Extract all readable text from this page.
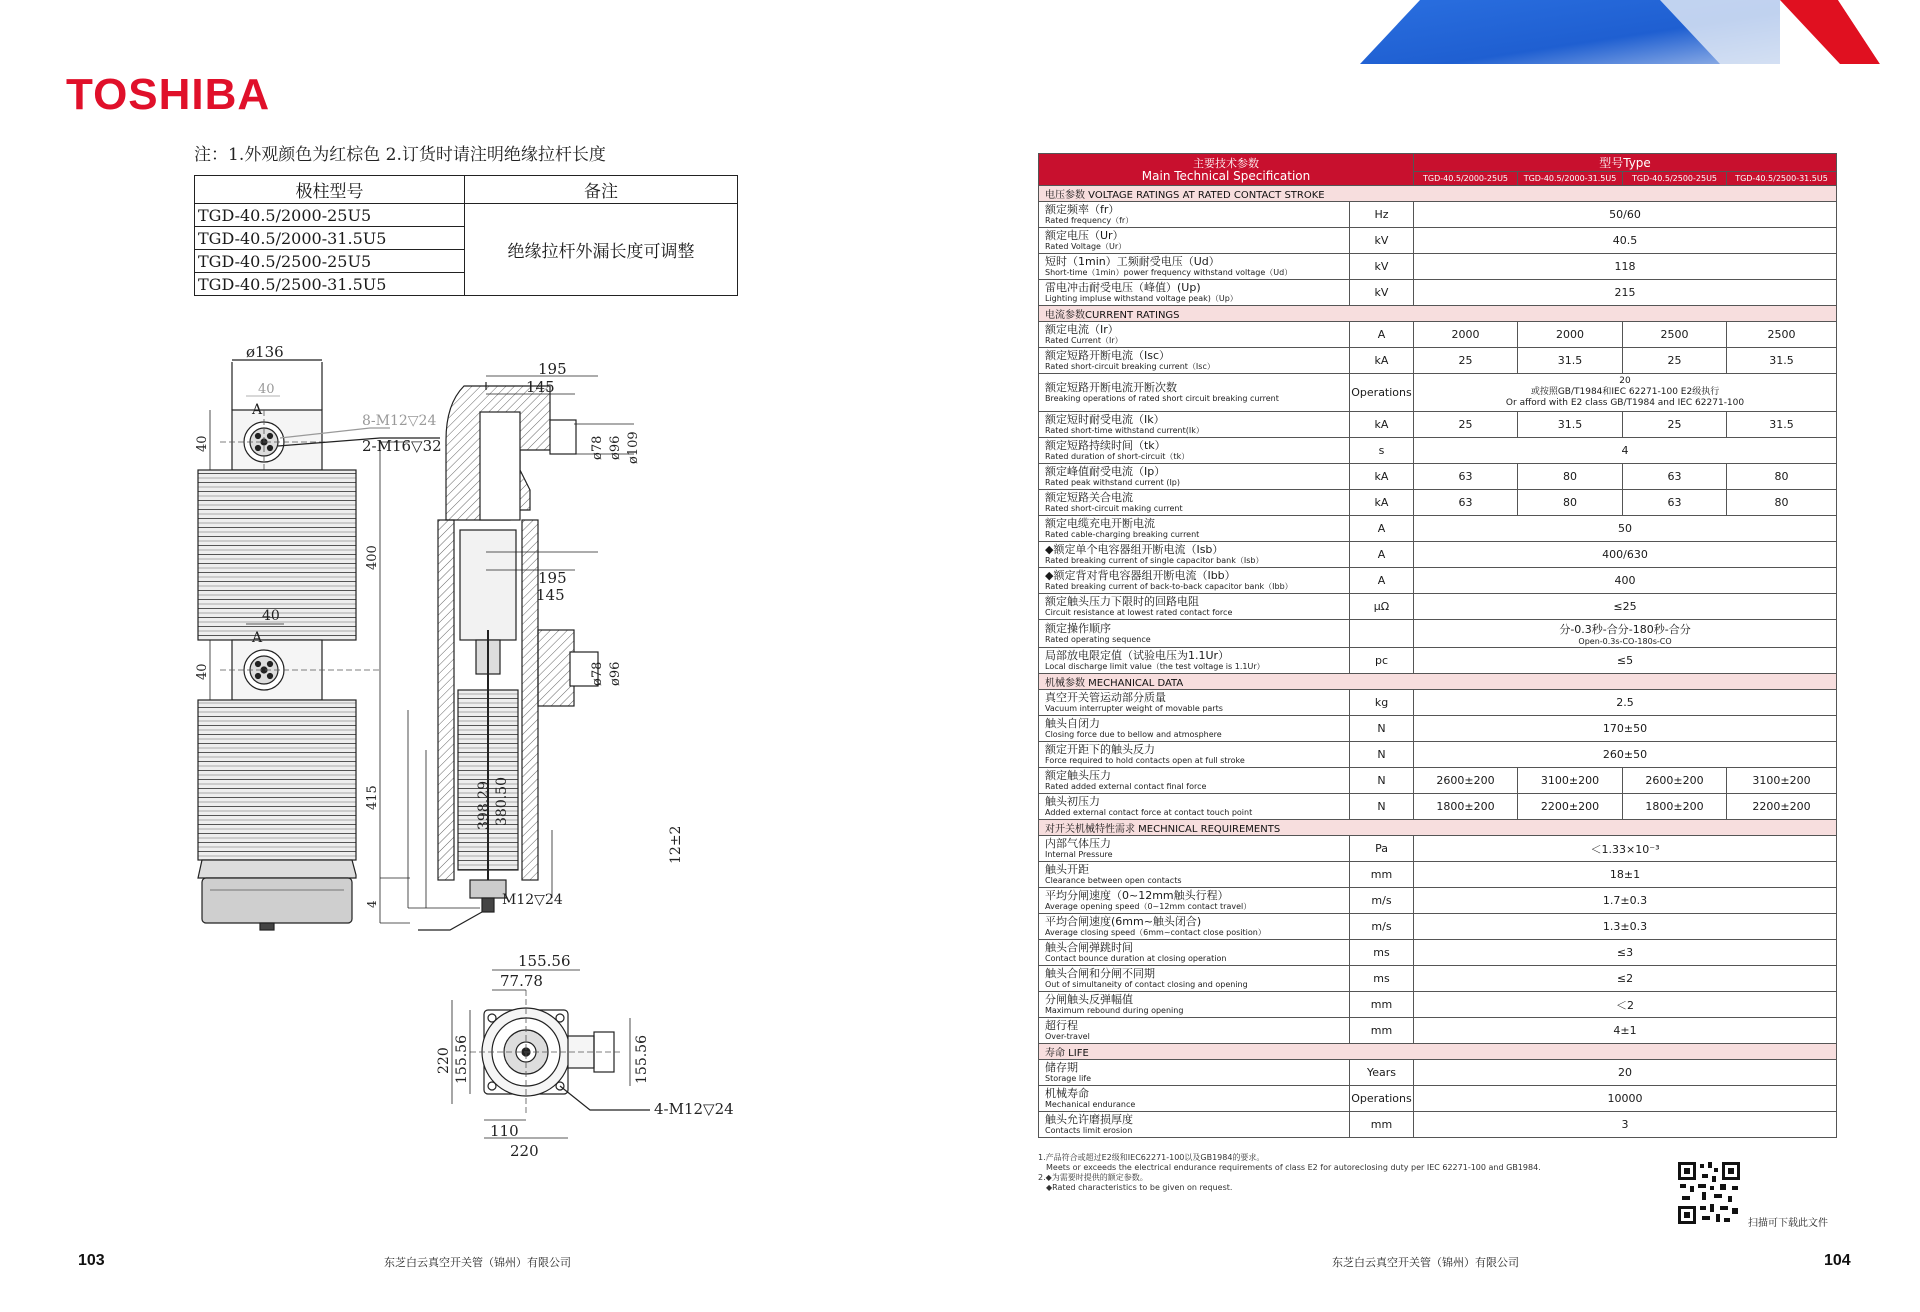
TOSHIBA
注：1.外观颜色为红棕色 2.订货时请注明绝缘拉杆长度
极柱型号	备注
TGD-40.5/2000-25U5	绝缘拉杆外漏长度可调整
TGD-40.5/2000-31.5U5	
TGD-40.5/2500-25U5	
TGD-40.5/2500-31.5U5	
ø136
40
A
8-M12▽24
2-M16▽32
40
400
40
A
40
415
4
195
145
ø78 ø96 ø109
195
145
ø78 ø96
398.29 380.50
12±2
M12▽24
155.56
77.78
220 155.56	155.56
110
220
4-M12▽24
103	东芝白云真空开关管（锦州）有限公司
主要技术参数
Main Technical Specification		型号Type			
		TGD-40.5/2000-25U5	TGD-40.5/2000-31.5U5	TGD-40.5/2500-25U5	TGD-40.5/2500-31.5U5
电压参数 VOLTAGE RATINGS AT RATED CONTACT STROKE					

额定频率（fr）
Rated frequency（fr）	Hz	50/60			

额定电压（Ur）
Rated Voltage（Ur）	kV	40.5			

短时（1min）工频耐受电压（Ud）
Short-time（1min）power frequency withstand voltage（Ud）	kV	118			

雷电冲击耐受电压（峰值）(Up)
Lighting impluse withstand voltage peak)（Up）	kV	215			
电流参数CURRENT RATINGS					

额定电流（Ir）
Rated Current（Ir）	A	2000	2000	2500	2500

额定短路开断电流（Isc）
Rated short-circuit breaking current（Isc）	kA	25	31.5	25	31.5

额定短路开断电流开断次数
Breaking operations of rated short circuit breaking current	Operations	20
或按照GB/T1984和IEC 62271-100 E2级执行
Or afford with E2 class GB/T1984 and IEC 62271-100			

额定短时耐受电流（Ik）
Rated short-time withstand current(Ik）	kA	25	31.5	25	31.5

额定短路持续时间（tk）
Rated duration of short-circuit（tk）	s	4			

额定峰值耐受电流（Ip）
Rated peak withstand current (Ip)	kA	63	80	63	80

额定短路关合电流
Rated short-circuit making current	kA	63	80	63	80

额定电缆充电开断电流
Rated cable-charging breaking current	A	50			

◆额定单个电容器组开断电流（Isb）
Rated breaking current of single capacitor bank（Isb）	A	400/630			

◆额定背对背电容器组开断电流（Ibb）
Rated breaking current of back-to-back capacitor bank（Ibb）	A	400			

额定触头压力下限时的回路电阻
Circuit resistance at lowest rated contact force	μΩ	≤25			

额定操作顺序
Rated operating sequence		分-0.3秒-合分-180秒-合分
Open-0.3s-CO-180s-CO			

局部放电限定值（试验电压为1.1Ur）
Local discharge limit value（the test voltage is 1.1Ur）	pc	≤5			
机械参数 MECHANICAL DATA					

真空开关管运动部分质量
Vacuum interrupter weight of movable parts	kg	2.5			

触头自闭力
Closing force due to bellow and atmosphere	N	170±50			

额定开距下的触头反力
Force required to hold contacts open at full stroke	N	260±50			

额定触头压力
Rated added external contact final force	N	2600±200	3100±200	2600±200	3100±200

触头初压力
Added external contact force at contact touch point	N	1800±200	2200±200	1800±200	2200±200
对开关机械特性需求 MECHNICAL REQUIREMENTS					

内部气体压力
Internal Pressure	Pa	＜1.33×10⁻³			

触头开距
Clearance between open contacts	mm	18±1			

平均分闸速度（0~12mm触头行程）
Average opening speed（0~12mm contact travel）	m/s	1.7±0.3			

平均合闸速度(6mm~触头闭合)
Average closing speed（6mm~contact close position）	m/s	1.3±0.3			

触头合闸弹跳时间
Contact bounce duration at closing operation	ms	≤3			

触头合闸和分闸不同期
Out of simultaneity of contact closing and opening	ms	≤2			

分闸触头反弹幅值
Maximum rebound during opening	mm	＜2			

超行程
Over-travel	mm	4±1			
寿命 LIFE					

储存期
Storage life	Years	20			

机械寿命
Mechanical endurance	Operations	10000			

触头允许磨损厚度
Contacts limit erosion	mm	3			
1.产品符合或超过E2级和IEC62271-100以及GB1984的要求。
Meets or exceeds the electrical endurance requirements of class E2 for autoreclosing duty per IEC 62271-100 and GB1984.
2.◆为需要时提供的额定参数。
◆Rated characteristics to be given on request.
扫描可下载此文件
东芝白云真空开关管（锦州）有限公司	104
